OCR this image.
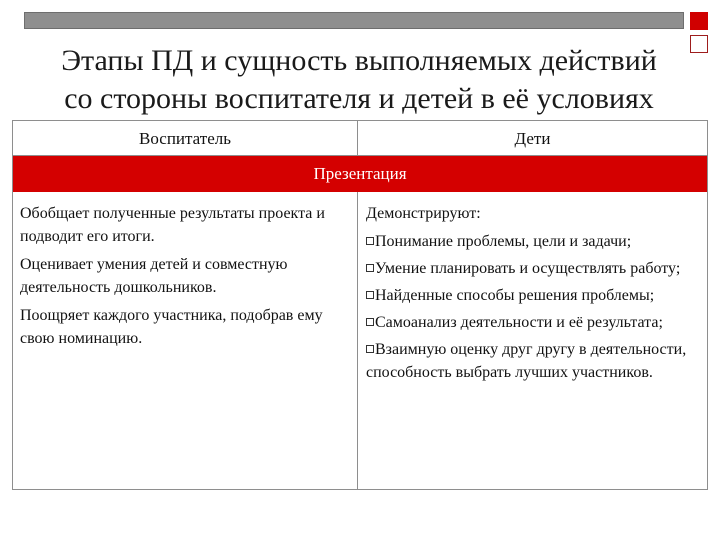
Этапы ПД и сущность выполняемых действий
со стороны воспитателя и детей в её условиях
Воспитатель	Дети
Презентация

Обобщает полученные результаты проекта и подводит его итоги.

Оценивает умения детей и совместную деятельность дошкольников.

Поощряет каждого участника, подобрав ему свою номинацию.

Демонстрируют:

Понимание проблемы, цели и задачи;
Умение планировать и осуществлять работу;
Найденные способы решения проблемы;
Самоанализ деятельности и её результата;
Взаимную оценку друг другу в деятельности, способность выбрать лучших участников.
